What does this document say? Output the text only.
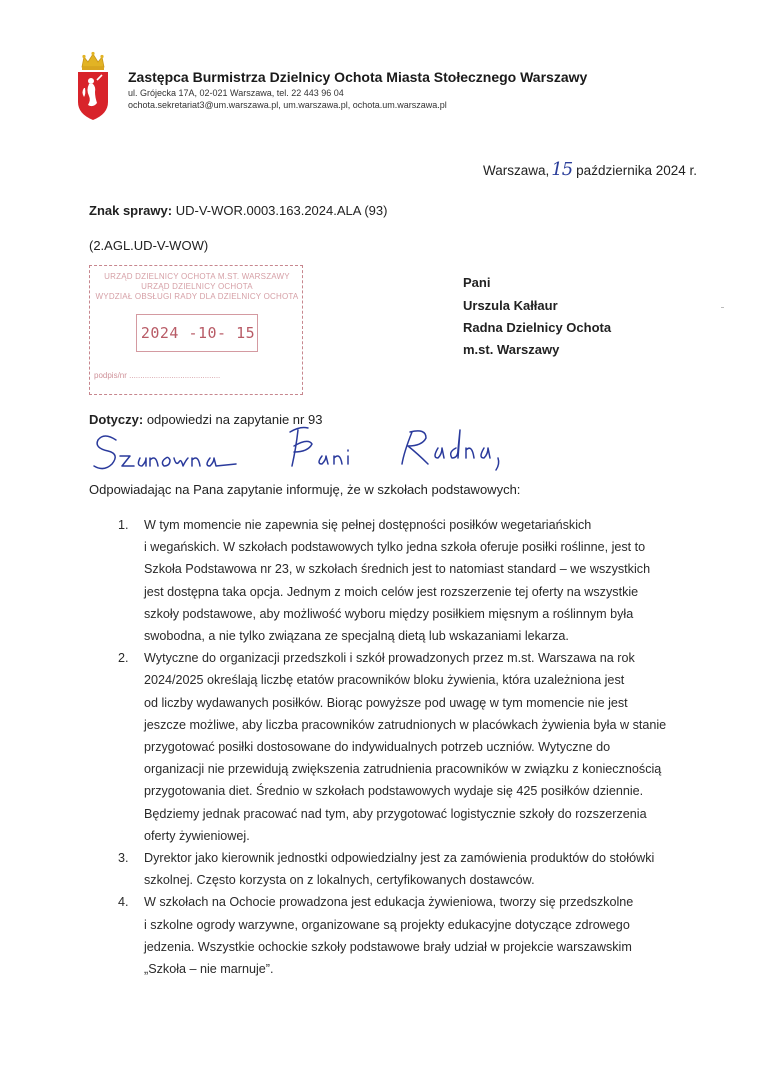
Zastępca Burmistrza Dzielnicy Ochota Miasta Stołecznego Warszawy
ul. Grójecka 17A, 02-021 Warszawa, tel. 22 443 96 04
ochota.sekretariat3@um.warszawa.pl, um.warszawa.pl, ochota.um.warszawa.pl
Warszawa, 15 października 2024 r.
Znak sprawy: UD-V-WOR.0003.163.2024.ALA (93)
(2.AGL.UD-V-WOW)
URZĄD DZIELNICY OCHOTA M.ST. WARSZAWY
URZĄD DZIELNICY OCHOTA
WYDZIAŁ OBSŁUGI RADY DLA DZIELNICY OCHOTA
2024 -10- 15
podpis/nr .........................................
Pani
Urszula Kałłaur
Radna Dzielnicy Ochota
m.st. Warszawy
Dotyczy: odpowiedzi na zapytanie nr 93
Odpowiadając na Pana zapytanie informuję, że w szkołach podstawowych:
1. W tym momencie nie zapewnia się pełnej dostępności posiłków wegetariańskich
i wegańskich. W szkołach podstawowych tylko jedna szkoła oferuje posiłki roślinne, jest to
Szkoła Podstawowa nr 23, w szkołach średnich jest to natomiast standard – we wszystkich
jest dostępna taka opcja. Jednym z moich celów jest rozszerzenie tej oferty na wszystkie
szkoły podstawowe, aby możliwość wyboru między posiłkiem mięsnym a roślinnym była
swobodna, a nie tylko związana ze specjalną dietą lub wskazaniami lekarza.
2. Wytyczne do organizacji przedszkoli i szkół prowadzonych przez m.st. Warszawa na rok
2024/2025 określają liczbę etatów pracowników bloku żywienia, która uzależniona jest
od liczby wydawanych posiłków. Biorąc powyższe pod uwagę w tym momencie nie jest
jeszcze możliwe, aby liczba pracowników zatrudnionych w placówkach żywienia była w stanie
przygotować posiłki dostosowane do indywidualnych potrzeb uczniów. Wytyczne do
organizacji nie przewidują zwiększenia zatrudnienia pracowników w związku z koniecznością
przygotowania diet. Średnio w szkołach podstawowych wydaje się 425 posiłków dziennie.
Będziemy jednak pracować nad tym, aby przygotować logistycznie szkoły do rozszerzenia
oferty żywieniowej.
3. Dyrektor jako kierownik jednostki odpowiedzialny jest za zamówienia produktów do stołówki
szkolnej. Często korzysta on z lokalnych, certyfikowanych dostawców.
4. W szkołach na Ochocie prowadzona jest edukacja żywieniowa, tworzy się przedszkolne
i szkolne ogrody warzywne, organizowane są projekty edukacyjne dotyczące zdrowego
jedzenia. Wszystkie ochockie szkoły podstawowe brały udział w projekcie warszawskim
„Szkoła – nie marnuje”.
